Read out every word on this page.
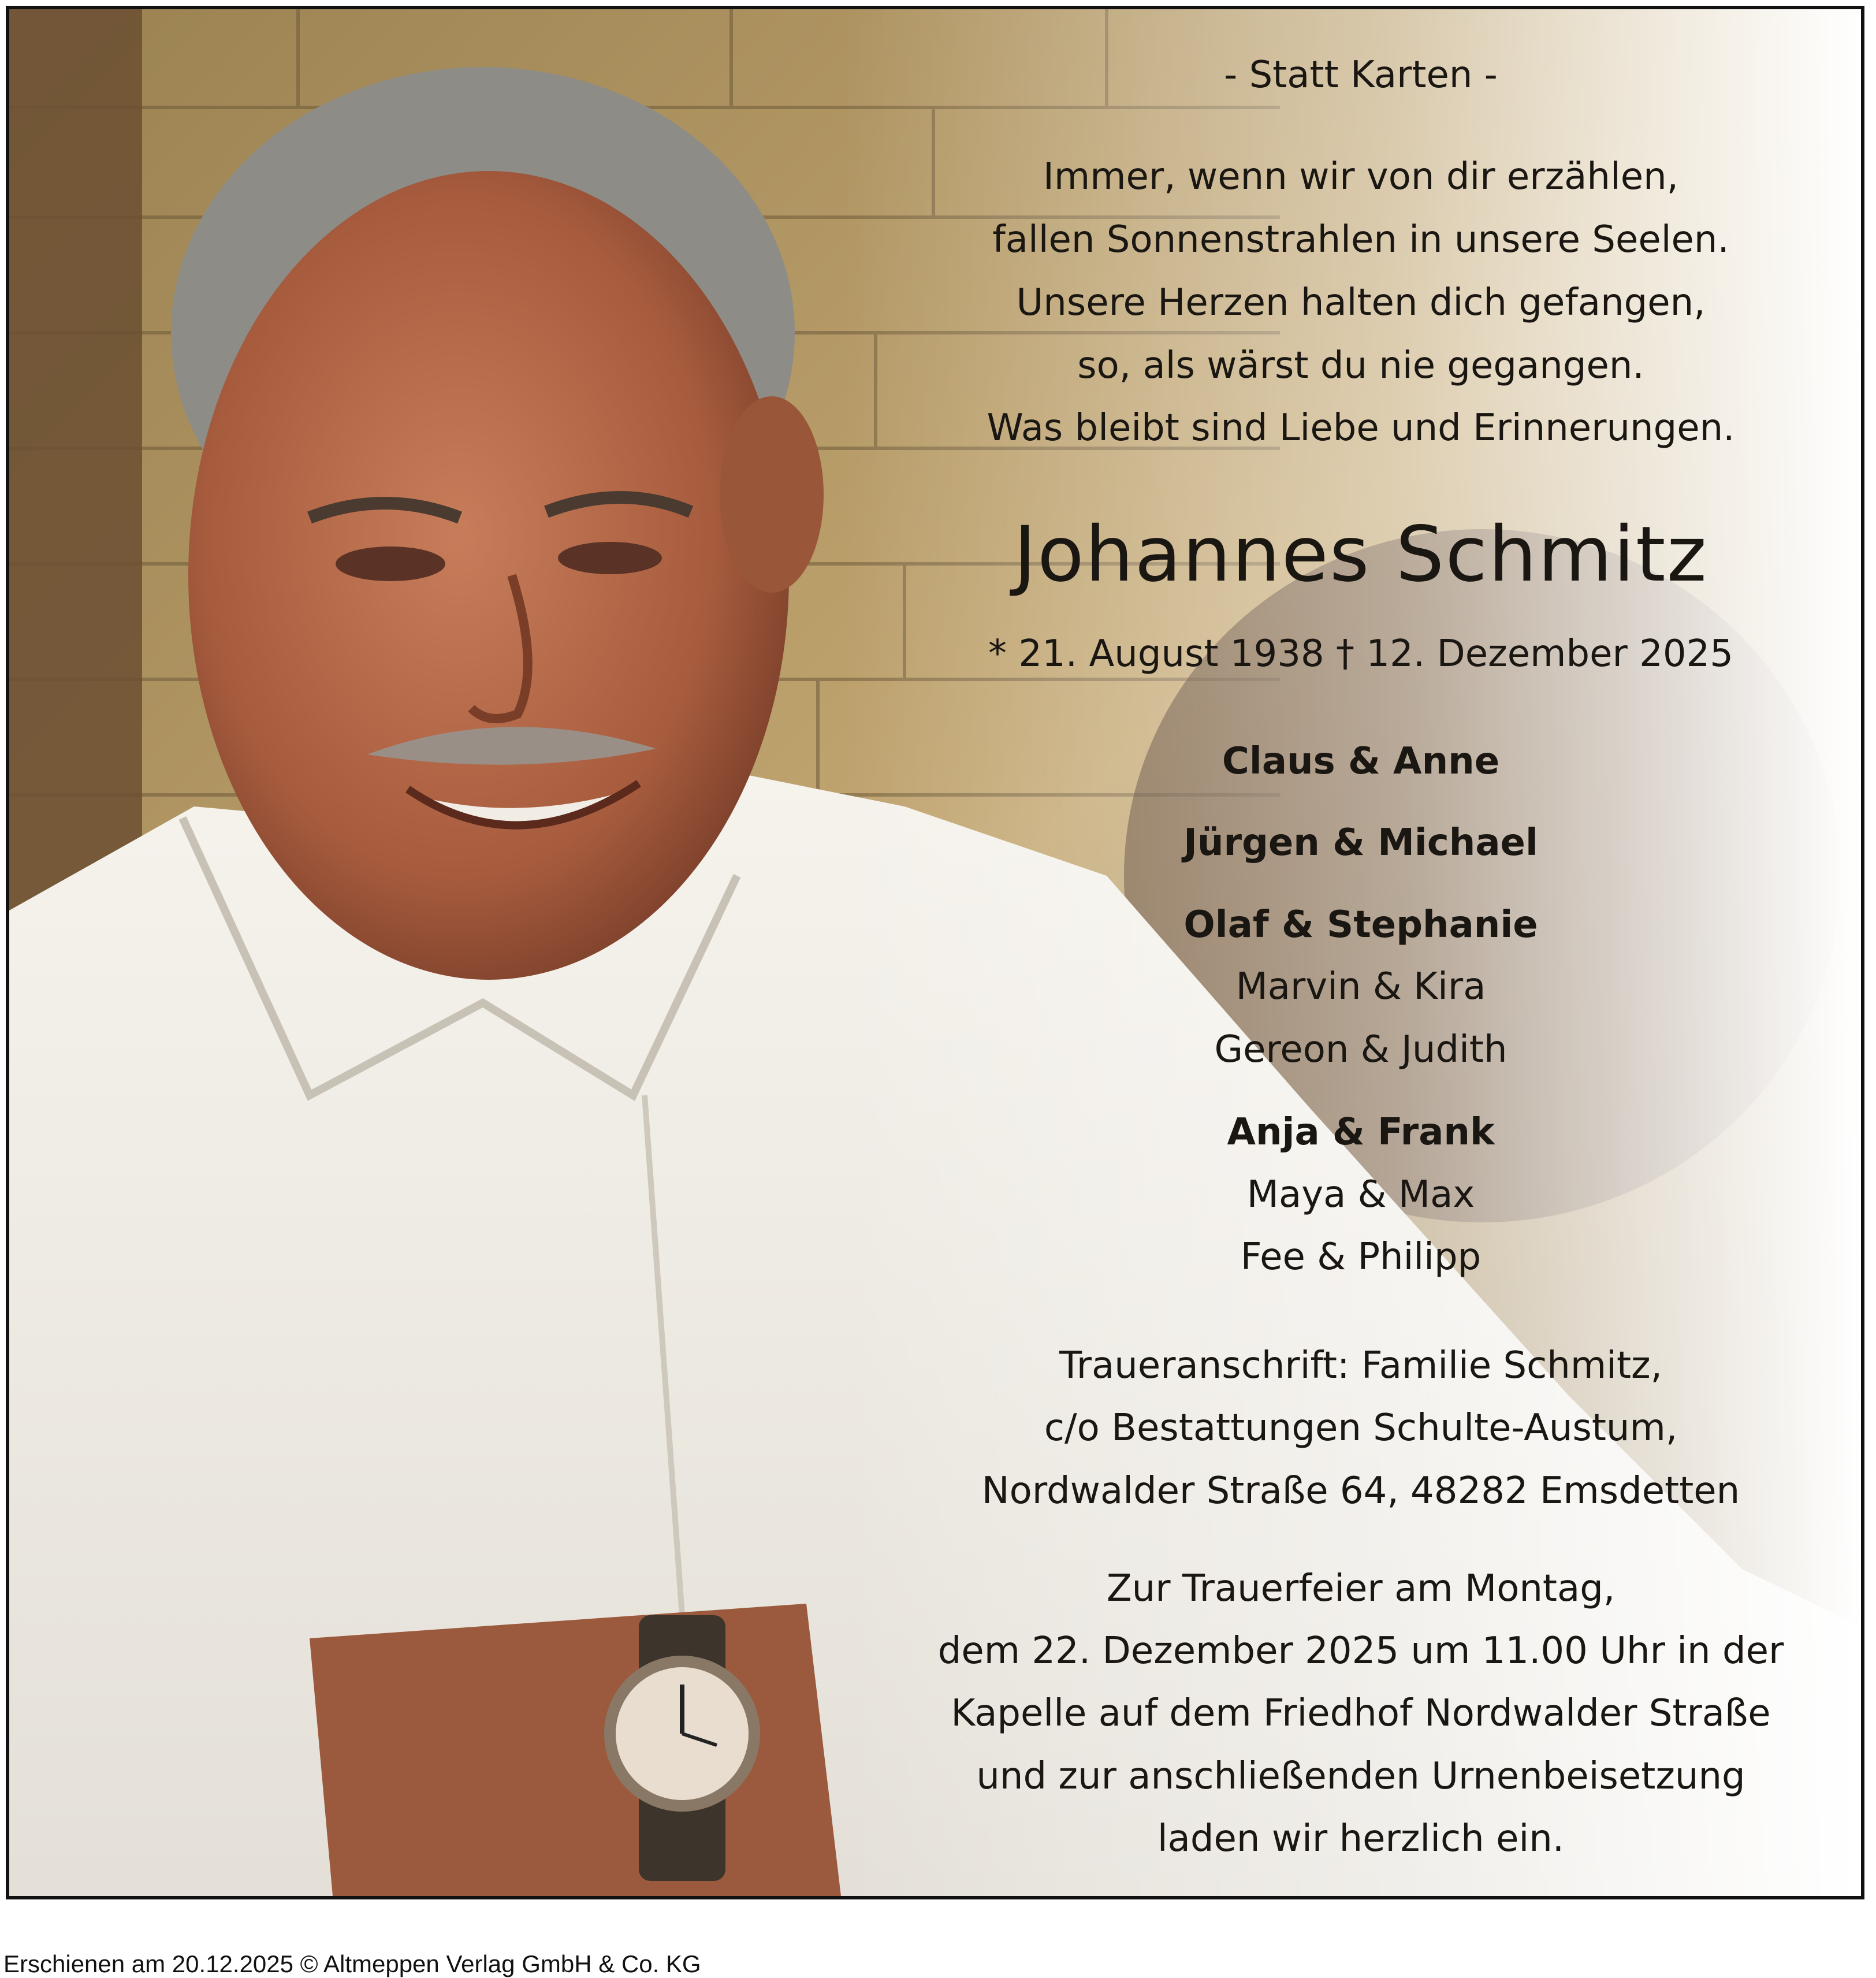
- Statt Karten -
Immer, wenn wir von dir erzählen,
fallen Sonnenstrahlen in unsere Seelen.
Unsere Herzen halten dich gefangen,
so, als wärst du nie gegangen.
Was bleibt sind Liebe und Erinnerungen.
Johannes Schmitz
* 21. August 1938 † 12. Dezember 2025
Claus & Anne
Jürgen & Michael
Olaf & Stephanie
Marvin & Kira
Gereon & Judith
Anja & Frank
Maya & Max
Fee & Philipp
Traueranschrift: Familie Schmitz,
c/o Bestattungen Schulte-Austum,
Nordwalder Straße 64, 48282 Emsdetten
Zur Trauerfeier am Montag,
dem 22. Dezember 2025 um 11.00 Uhr in der
Kapelle auf dem Friedhof Nordwalder Straße
und zur anschließenden Urnenbeisetzung
laden wir herzlich ein.
Erschienen am 20.12.2025 © Altmeppen Verlag GmbH & Co. KG
